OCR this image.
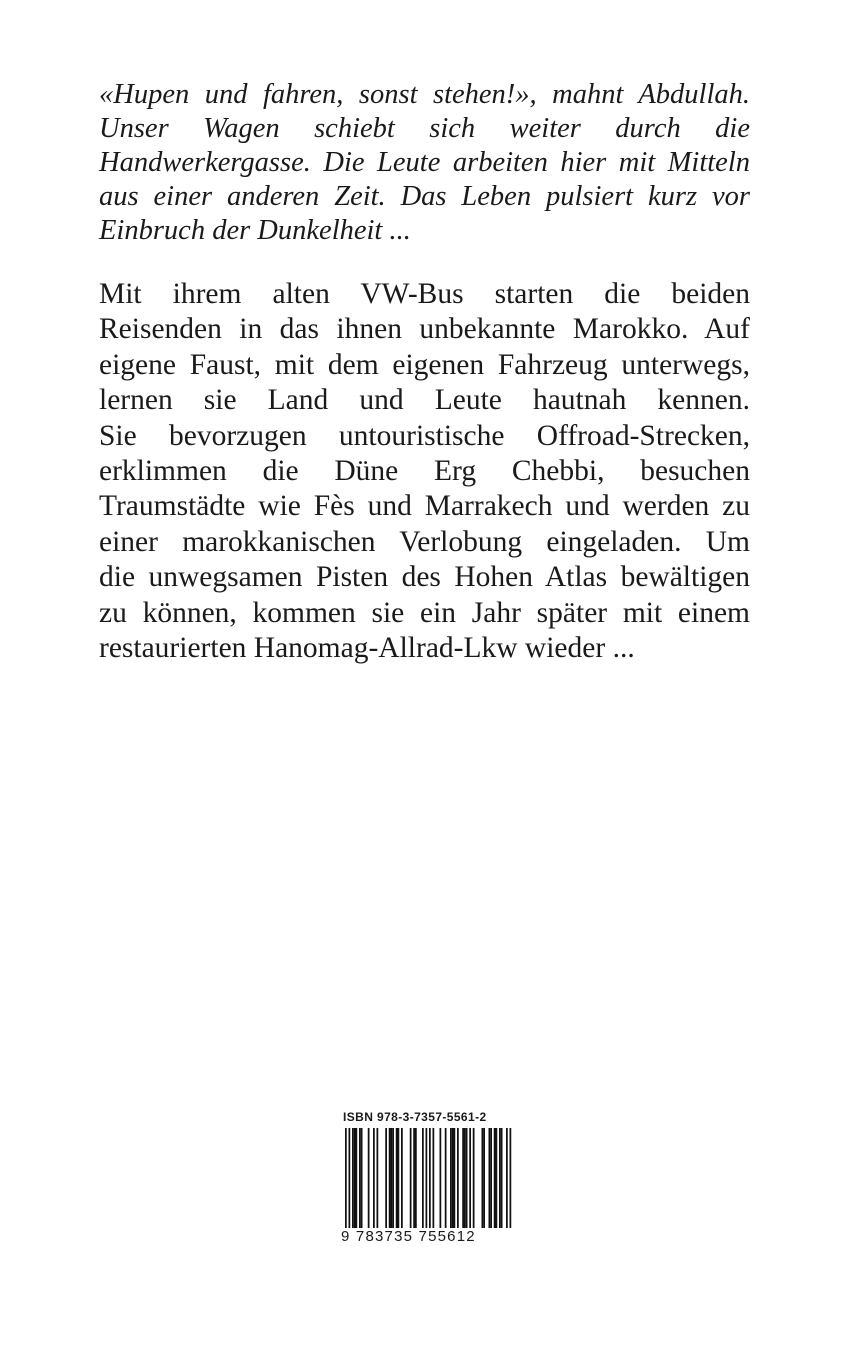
«Hupen und fahren, sonst stehen!», mahnt Abdullah.
Unser Wagen schiebt sich weiter durch die
Handwerkergasse. Die Leute arbeiten hier mit Mitteln
aus einer anderen Zeit. Das Leben pulsiert kurz vor
Einbruch der Dunkelheit ...
Mit ihrem alten VW-Bus starten die beiden
Reisenden in das ihnen unbekannte Marokko. Auf
eigene Faust, mit dem eigenen Fahrzeug unterwegs,
lernen sie Land und Leute hautnah kennen.
Sie bevorzugen untouristische Offroad-Strecken,
erklimmen die Düne Erg Chebbi, besuchen
Traumstädte wie Fès und Marrakech und werden zu
einer marokkanischen Verlobung eingeladen. Um
die unwegsamen Pisten des Hohen Atlas bewältigen
zu können, kommen sie ein Jahr später mit einem
restaurierten Hanomag-Allrad-Lkw wieder ...
ISBN 978-3-7357-5561-2
9 783735 755612
